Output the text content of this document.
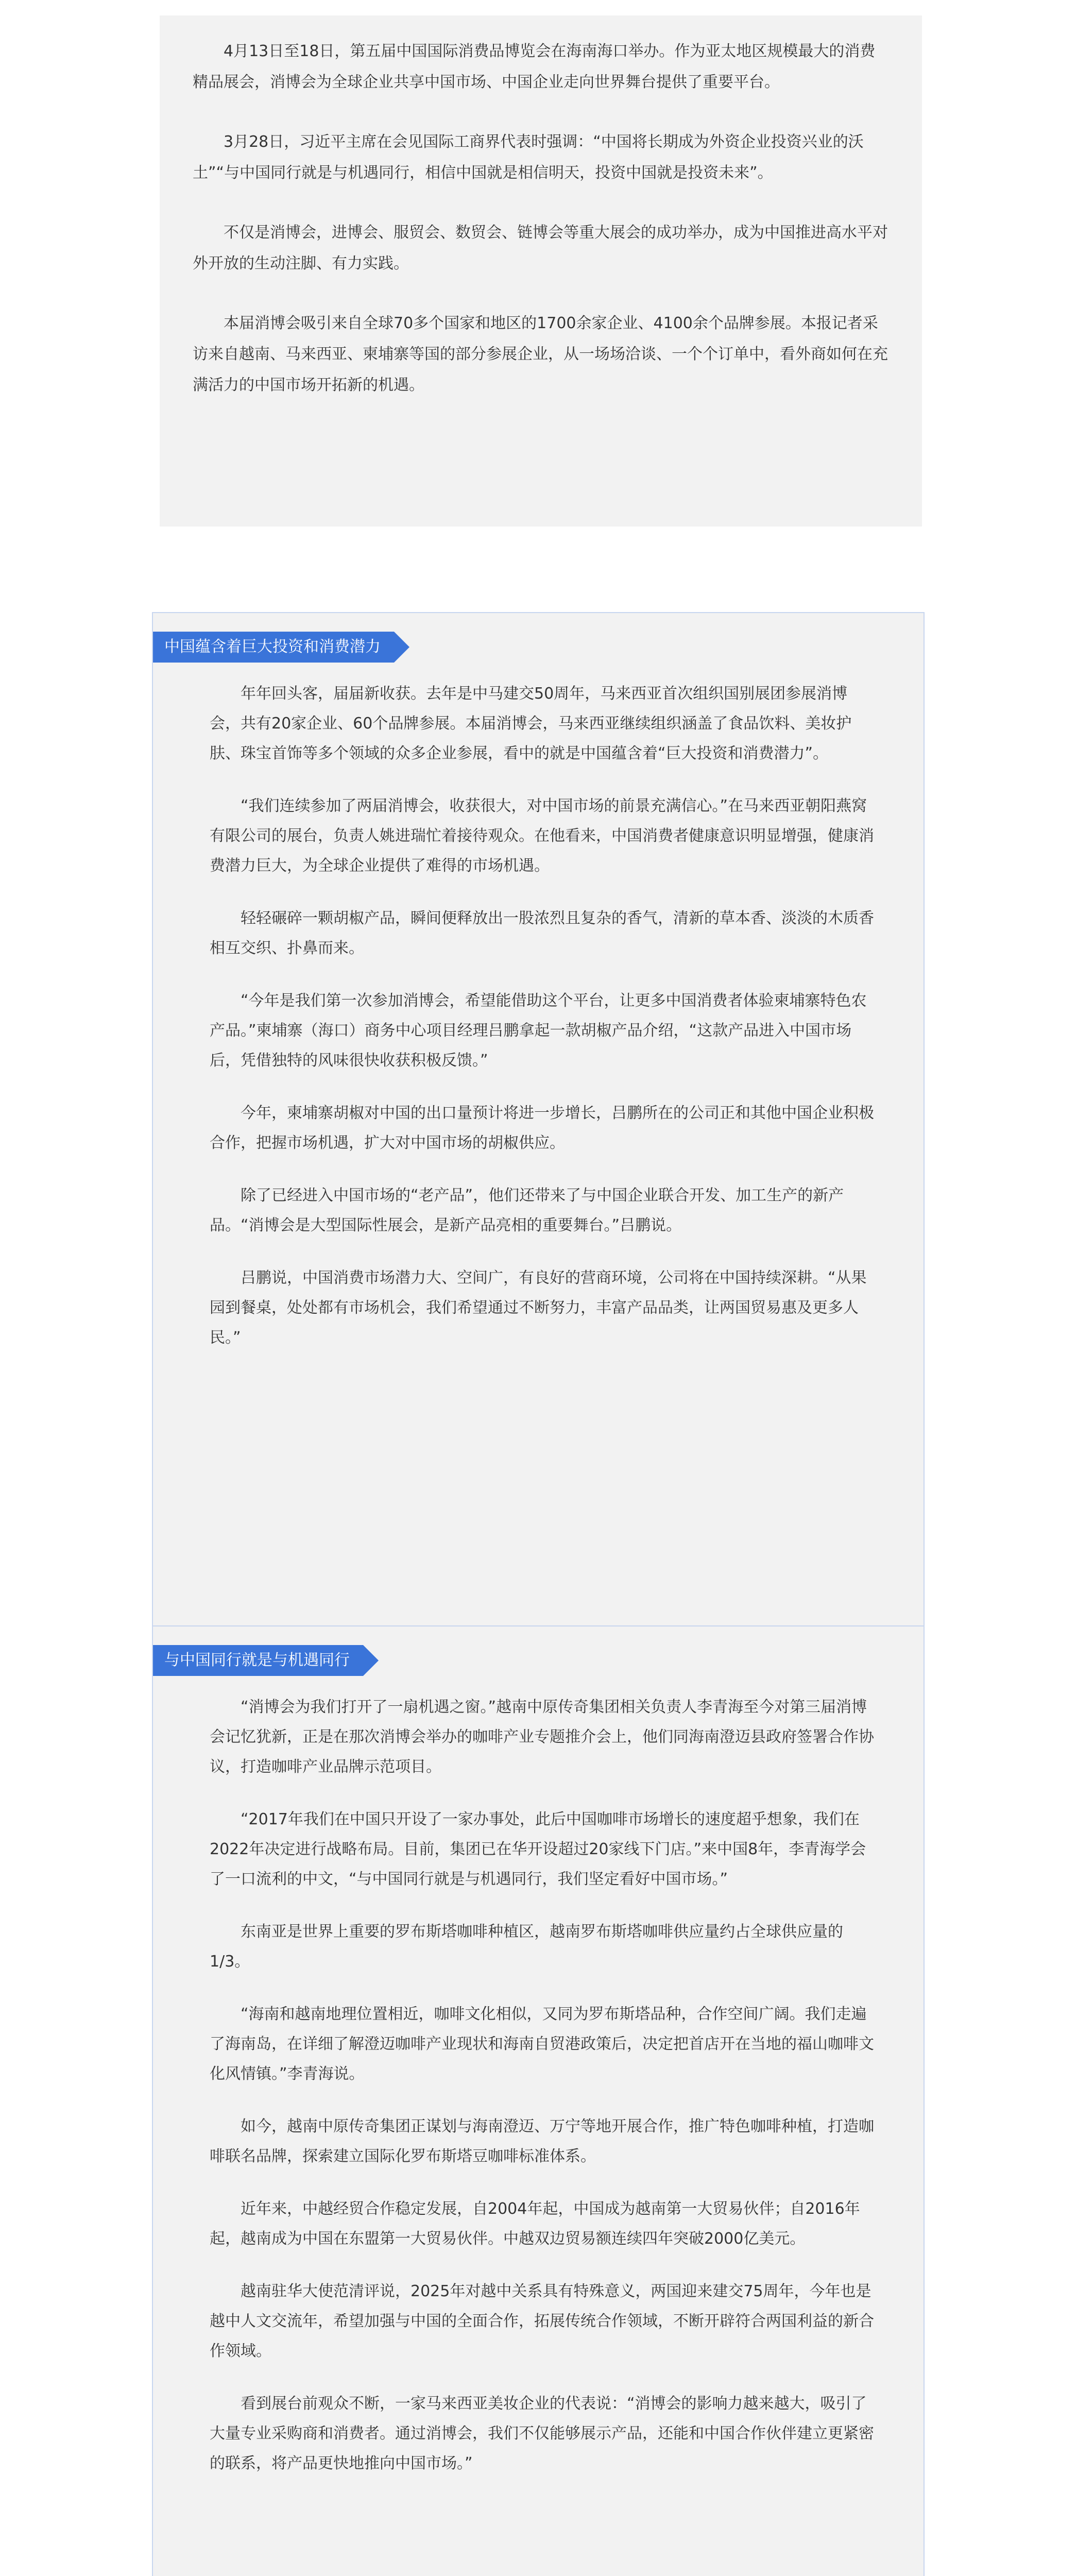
4月13日至18日，第五届中国国际消费品博览会在海南海口举办。作为亚太地区规模最大的消费精品展会，消博会为全球企业共享中国市场、中国企业走向世界舞台提供了重要平台。

3月28日，习近平主席在会见国际工商界代表时强调：“中国将长期成为外资企业投资兴业的沃土”“与中国同行就是与机遇同行，相信中国就是相信明天，投资中国就是投资未来”。

不仅是消博会，进博会、服贸会、数贸会、链博会等重大展会的成功举办，成为中国推进高水平对外开放的生动注脚、有力实践。

本届消博会吸引来自全球70多个国家和地区的1700余家企业、4100余个品牌参展。本报记者采访来自越南、马来西亚、柬埔寨等国的部分参展企业，从一场场洽谈、一个个订单中，看外商如何在充满活力的中国市场开拓新的机遇。

中国蕴含着巨大投资和消费潜力

年年回头客，届届新收获。去年是中马建交50周年，马来西亚首次组织国别展团参展消博会，共有20家企业、60个品牌参展。本届消博会，马来西亚继续组织涵盖了食品饮料、美妆护肤、珠宝首饰等多个领域的众多企业参展，看中的就是中国蕴含着“巨大投资和消费潜力”。

“我们连续参加了两届消博会，收获很大，对中国市场的前景充满信心。”在马来西亚朝阳燕窝有限公司的展台，负责人姚进瑞忙着接待观众。在他看来，中国消费者健康意识明显增强，健康消费潜力巨大，为全球企业提供了难得的市场机遇。

轻轻碾碎一颗胡椒产品，瞬间便释放出一股浓烈且复杂的香气，清新的草本香、淡淡的木质香相互交织、扑鼻而来。

“今年是我们第一次参加消博会，希望能借助这个平台，让更多中国消费者体验柬埔寨特色农产品。”柬埔寨（海口）商务中心项目经理吕鹏拿起一款胡椒产品介绍，“这款产品进入中国市场后，凭借独特的风味很快收获积极反馈。”

今年，柬埔寨胡椒对中国的出口量预计将进一步增长，吕鹏所在的公司正和其他中国企业积极合作，把握市场机遇，扩大对中国市场的胡椒供应。

除了已经进入中国市场的“老产品”，他们还带来了与中国企业联合开发、加工生产的新产品。“消博会是大型国际性展会，是新产品亮相的重要舞台。”吕鹏说。

吕鹏说，中国消费市场潜力大、空间广，有良好的营商环境，公司将在中国持续深耕。“从果园到餐桌，处处都有市场机会，我们希望通过不断努力，丰富产品品类，让两国贸易惠及更多人民。”

与中国同行就是与机遇同行

“消博会为我们打开了一扇机遇之窗。”越南中原传奇集团相关负责人李青海至今对第三届消博会记忆犹新，正是在那次消博会举办的咖啡产业专题推介会上，他们同海南澄迈县政府签署合作协议，打造咖啡产业品牌示范项目。

“2017年我们在中国只开设了一家办事处，此后中国咖啡市场增长的速度超乎想象，我们在2022年决定进行战略布局。目前，集团已在华开设超过20家线下门店。”来中国8年，李青海学会了一口流利的中文，“与中国同行就是与机遇同行，我们坚定看好中国市场。”

东南亚是世界上重要的罗布斯塔咖啡种植区，越南罗布斯塔咖啡供应量约占全球供应量的1/3。

“海南和越南地理位置相近，咖啡文化相似，又同为罗布斯塔品种，合作空间广阔。我们走遍了海南岛，在详细了解澄迈咖啡产业现状和海南自贸港政策后，决定把首店开在当地的福山咖啡文化风情镇。”李青海说。

如今，越南中原传奇集团正谋划与海南澄迈、万宁等地开展合作，推广特色咖啡种植，打造咖啡联名品牌，探索建立国际化罗布斯塔豆咖啡标准体系。

近年来，中越经贸合作稳定发展，自2004年起，中国成为越南第一大贸易伙伴；自2016年起，越南成为中国在东盟第一大贸易伙伴。中越双边贸易额连续四年突破2000亿美元。

越南驻华大使范清评说，2025年对越中关系具有特殊意义，两国迎来建交75周年，今年也是越中人文交流年，希望加强与中国的全面合作，拓展传统合作领域，不断开辟符合两国利益的新合作领域。

看到展台前观众不断，一家马来西亚美妆企业的代表说：“消博会的影响力越来越大，吸引了大量专业采购商和消费者。通过消博会，我们不仅能够展示产品，还能和中国合作伙伴建立更紧密的联系，将产品更快地推向中国市场。”
